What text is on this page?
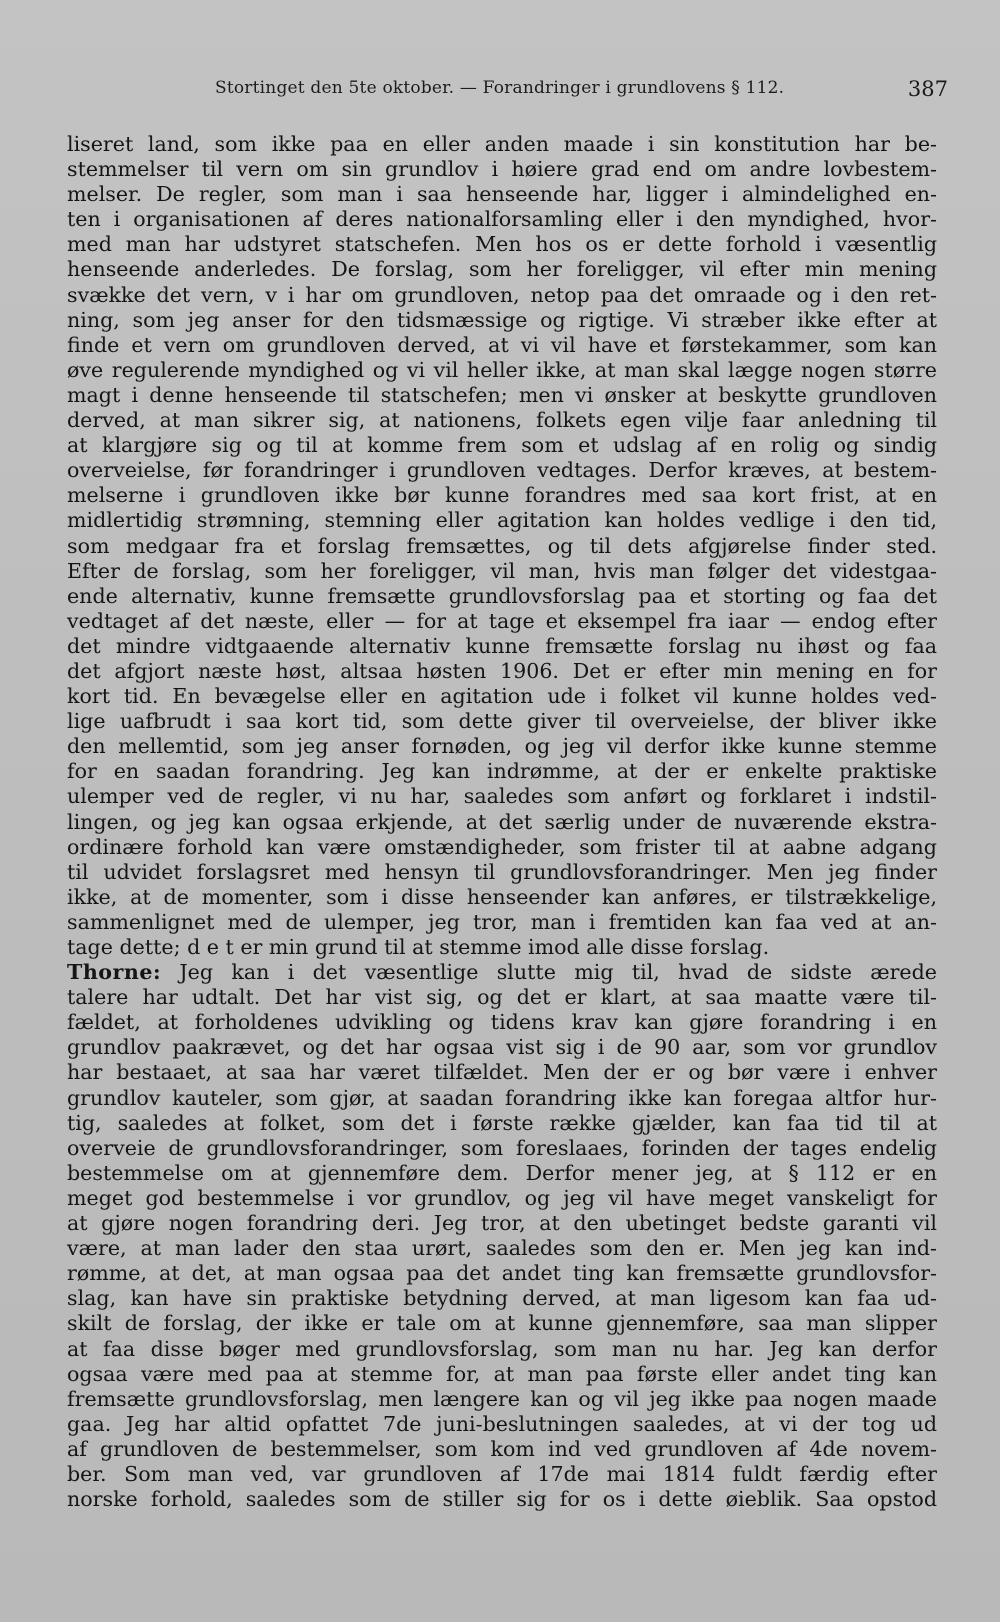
Stortinget den 5te oktober. — Forandringer i grundlovens § 112.	387
liseret land, som ikke paa en eller anden maade i sin konstitution har be-
stemmelser til vern om sin grundlov i høiere grad end om andre lovbestem-
melser. De regler, som man i saa henseende har, ligger i almindelighed en-
ten i organisationen af deres nationalforsamling eller i den myndighed, hvor-
med man har udstyret statschefen. Men hos os er dette forhold i væsentlig
henseende anderledes. De forslag, som her foreligger, vil efter min mening
svække det vern, v i har om grundloven, netop paa det omraade og i den ret-
ning, som jeg anser for den tidsmæssige og rigtige. Vi stræber ikke efter at
finde et vern om grundloven derved, at vi vil have et førstekammer, som kan
øve regulerende myndighed og vi vil heller ikke, at man skal lægge nogen større
magt i denne henseende til statschefen; men vi ønsker at beskytte grundloven
derved, at man sikrer sig, at nationens, folkets egen vilje faar anledning til
at klargjøre sig og til at komme frem som et udslag af en rolig og sindig
overveielse, før forandringer i grundloven vedtages. Derfor kræves, at bestem-
melserne i grundloven ikke bør kunne forandres med saa kort frist, at en
midlertidig strømning, stemning eller agitation kan holdes vedlige i den tid,
som medgaar fra et forslag fremsættes, og til dets afgjørelse finder sted.
Efter de forslag, som her foreligger, vil man, hvis man følger det videstgaa-
ende alternativ, kunne fremsætte grundlovsforslag paa et storting og faa det
vedtaget af det næste, eller — for at tage et eksempel fra iaar — endog efter
det mindre vidtgaaende alternativ kunne fremsætte forslag nu ihøst og faa
det afgjort næste høst, altsaa høsten 1906. Det er efter min mening en for
kort tid. En bevægelse eller en agitation ude i folket vil kunne holdes ved-
lige uafbrudt i saa kort tid, som dette giver til overveielse, der bliver ikke
den mellemtid, som jeg anser fornøden, og jeg vil derfor ikke kunne stemme
for en saadan forandring. Jeg kan indrømme, at der er enkelte praktiske
ulemper ved de regler, vi nu har, saaledes som anført og forklaret i indstil-
lingen, og jeg kan ogsaa erkjende, at det særlig under de nuværende ekstra-
ordinære forhold kan være omstændigheder, som frister til at aabne adgang
til udvidet forslagsret med hensyn til grundlovsforandringer. Men jeg finder
ikke, at de momenter, som i disse henseender kan anføres, er tilstrækkelige,
sammenlignet med de ulemper, jeg tror, man i fremtiden kan faa ved at an-
tage dette; d e t er min grund til at stemme imod alle disse forslag.
Thorne: Jeg kan i det væsentlige slutte mig til, hvad de sidste ærede
talere har udtalt. Det har vist sig, og det er klart, at saa maatte være til-
fældet, at forholdenes udvikling og tidens krav kan gjøre forandring i en
grundlov paakrævet, og det har ogsaa vist sig i de 90 aar, som vor grundlov
har bestaaet, at saa har været tilfældet. Men der er og bør være i enhver
grundlov kauteler, som gjør, at saadan forandring ikke kan foregaa altfor hur-
tig, saaledes at folket, som det i første række gjælder, kan faa tid til at
overveie de grundlovsforandringer, som foreslaaes, forinden der tages endelig
bestemmelse om at gjennemføre dem. Derfor mener jeg, at § 112 er en
meget god bestemmelse i vor grundlov, og jeg vil have meget vanskeligt for
at gjøre nogen forandring deri. Jeg tror, at den ubetinget bedste garanti vil
være, at man lader den staa urørt, saaledes som den er. Men jeg kan ind-
rømme, at det, at man ogsaa paa det andet ting kan fremsætte grundlovsfor-
slag, kan have sin praktiske betydning derved, at man ligesom kan faa ud-
skilt de forslag, der ikke er tale om at kunne gjennemføre, saa man slipper
at faa disse bøger med grundlovsforslag, som man nu har. Jeg kan derfor
ogsaa være med paa at stemme for, at man paa første eller andet ting kan
fremsætte grundlovsforslag, men længere kan og vil jeg ikke paa nogen maade
gaa. Jeg har altid opfattet 7de juni-beslutningen saaledes, at vi der tog ud
af grundloven de bestemmelser, som kom ind ved grundloven af 4de novem-
ber. Som man ved, var grundloven af 17de mai 1814 fuldt færdig efter
norske forhold, saaledes som de stiller sig for os i dette øieblik. Saa opstod
